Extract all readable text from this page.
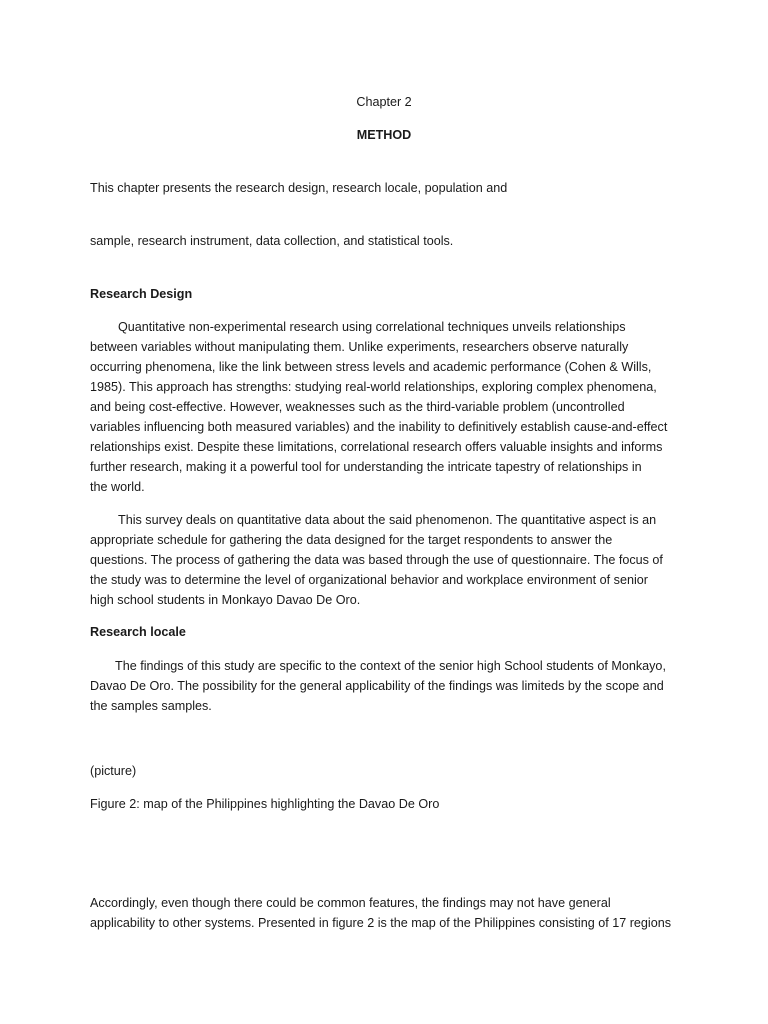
Chapter 2

METHOD

This chapter presents the research design, research locale, population and

sample, research instrument, data collection, and statistical tools.

Research Design

Quantitative non-experimental research using correlational techniques unveils relationships
between variables without manipulating them. Unlike experiments, researchers observe naturally
occurring phenomena, like the link between stress levels and academic performance (Cohen & Wills,
1985). This approach has strengths: studying real-world relationships, exploring complex phenomena,
and being cost-effective. However, weaknesses such as the third-variable problem (uncontrolled
variables influencing both measured variables) and the inability to definitively establish cause-and-effect
relationships exist. Despite these limitations, correlational research offers valuable insights and informs
further research, making it a powerful tool for understanding the intricate tapestry of relationships in
the world.
This survey deals on quantitative data about the said phenomenon. The quantitative aspect is an
appropriate schedule for gathering the data designed for the target respondents to answer the
questions. The process of gathering the data was based through the use of questionnaire. The focus of
the study was to determine the level of organizational behavior and workplace environment of senior
high school students in Monkayo Davao De Oro.

Research locale

The findings of this study are specific to the context of the senior high School students of Monkayo,
Davao De Oro. The possibility for the general applicability of the findings was limiteds by the scope and
the samples samples.

(picture)

Figure 2: map of the Philippines highlighting the Davao De Oro

Accordingly, even though there could be common features, the findings may not have general
applicability to other systems. Presented in figure 2 is the map of the Philippines consisting of 17 regions
